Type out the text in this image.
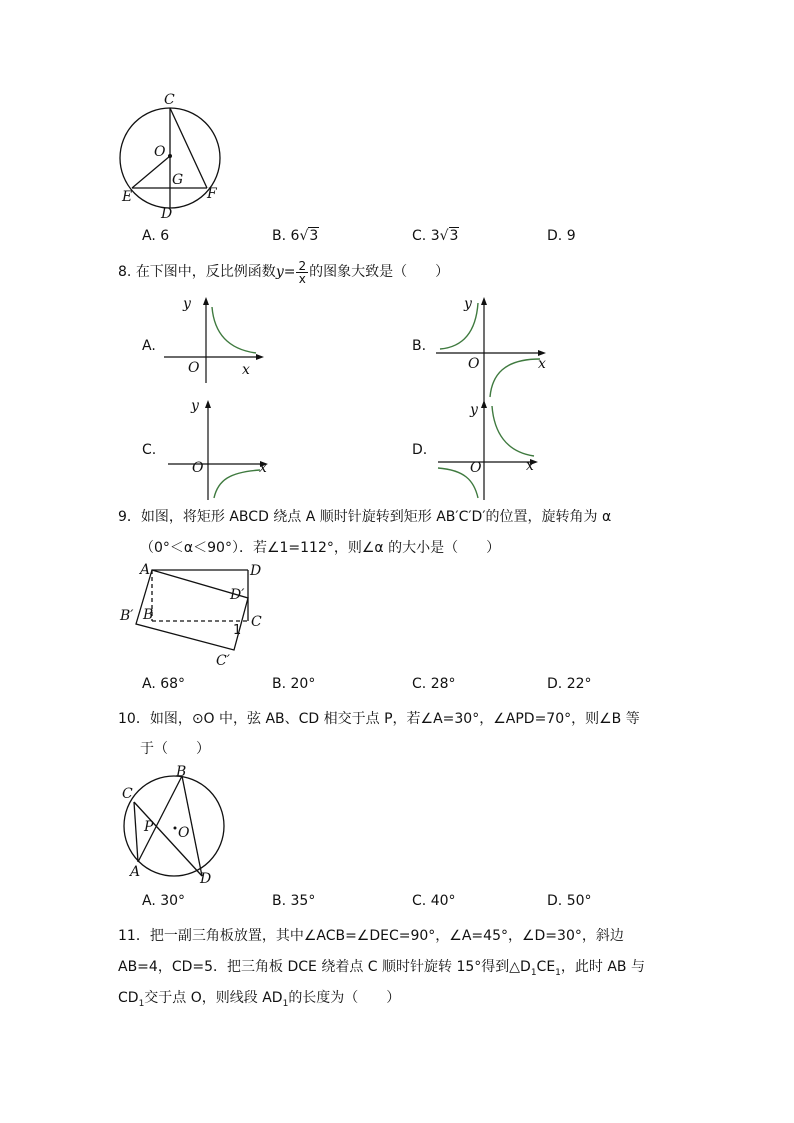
C
O
G
E
D
F
A. 6	B. 6√3	C. 3√3	D. 9
8. 在下图中，反比例函数$y= \frac{2}{x}$ 的图象大致是（　　）
A.	B.
C.	D.
y
O	x
y
O	x
y
O	x
y
O	x
9．如图，将矩形 ABCD 绕点 A 顺时针旋转到矩形 AB′C′D′的位置，旋转角为 α
（0°＜α＜90°）．若∠1=112°，则∠α 的大小是（　　）
A	D
D′
B′ B	C
1
C′
A. 68°	B. 20°	C. 28°	D. 22°
10．如图，⊙O 中，弦 AB、CD 相交于点 P，若∠A=30°，∠APD=70°，则∠B 等
于（　　）
B
C
P O
A	D
A. 30°	B. 35°	C. 40°	D. 50°
11．把一副三角板放置，其中∠ACB=∠DEC=90°，∠A=45°，∠D=30°，斜边
AB=4，CD=5．把三角板 DCE 绕着点 C 顺时针旋转 15°得到$\triangle D_1CE_1$，此时 AB 与
$CD_1$交于点 O，则线段 $AD_1$的长度为（　　）
